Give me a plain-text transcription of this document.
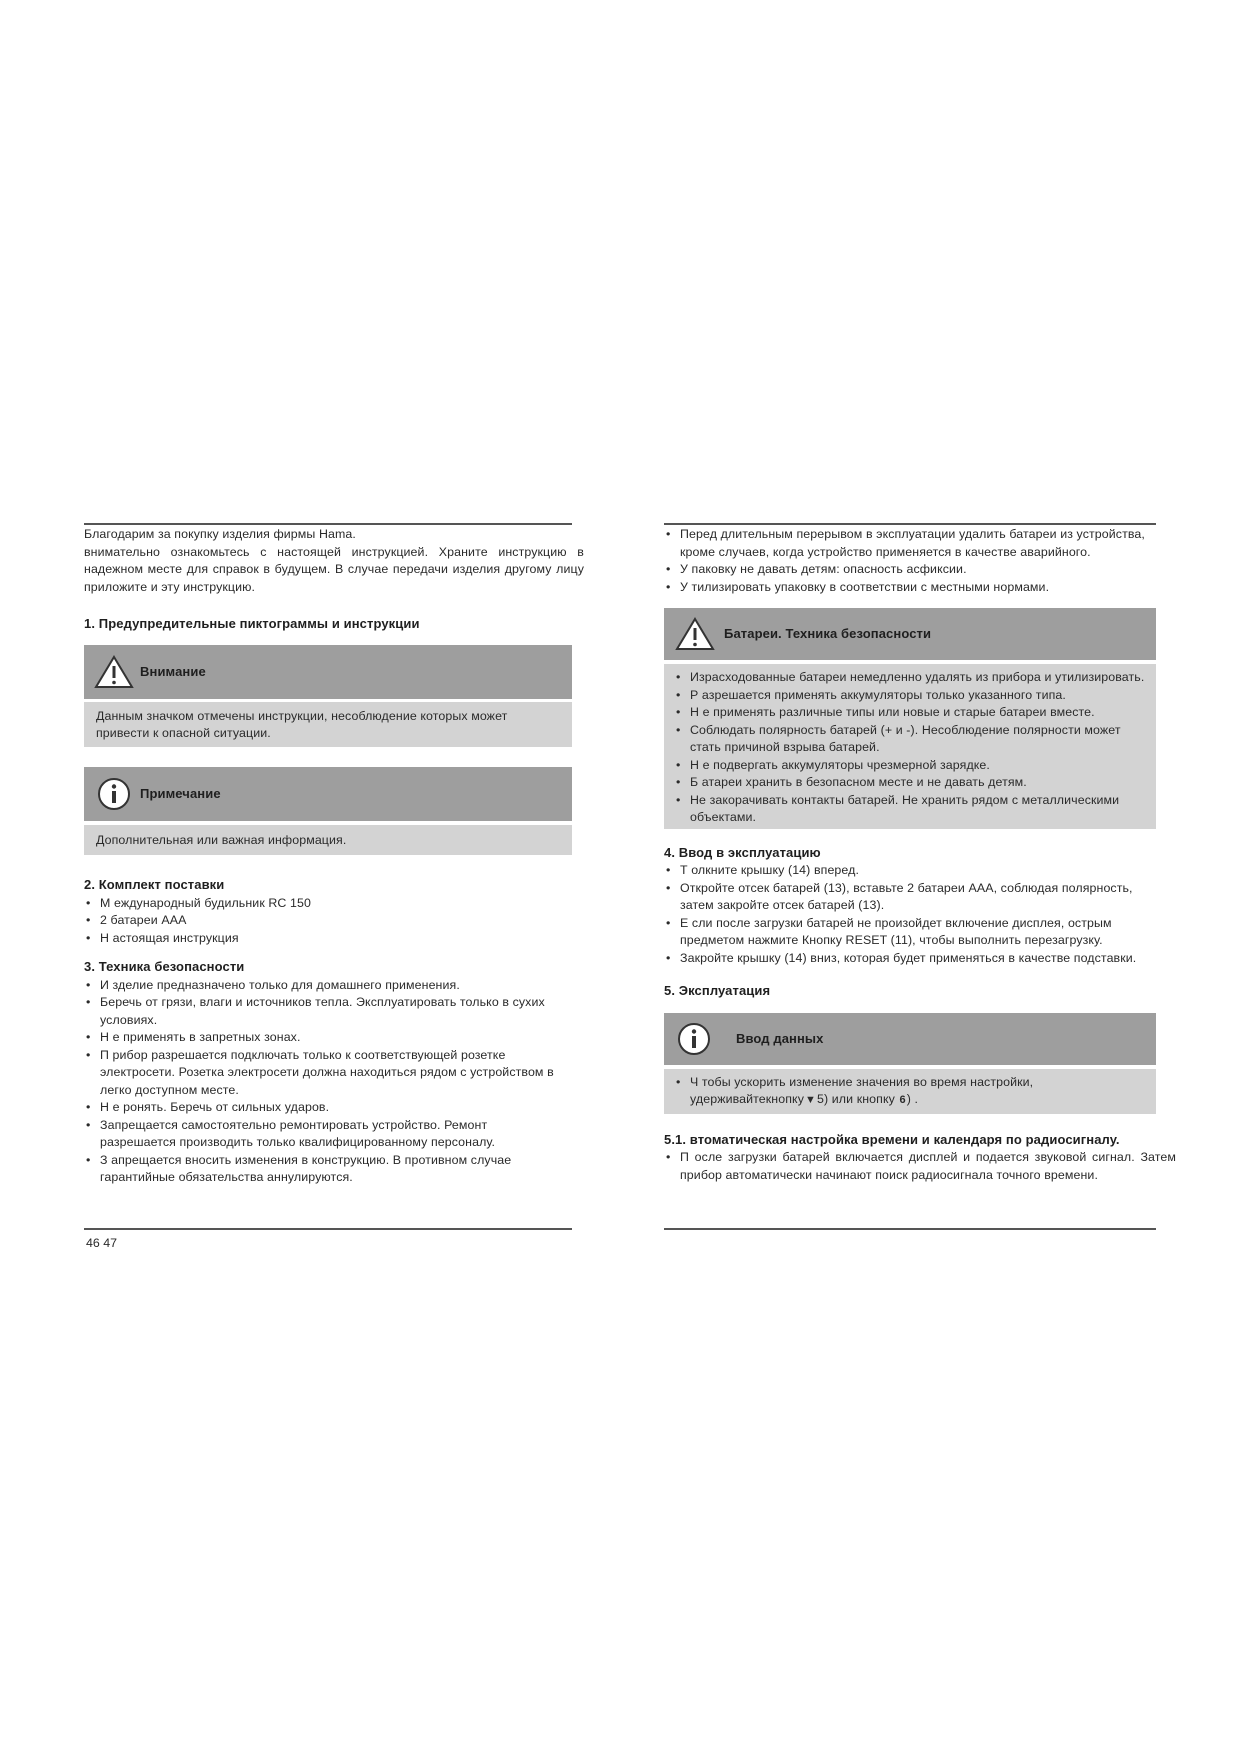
Благодарим за покупку изделия фирмы Hama.

внимательно ознакомьтесь с настоящей инструкцией. Храните инструкцию в надежном месте для справок в будущем. В случае передачи изделия другому лицу приложите и эту инструкцию.

1. Предупредительные пиктограммы и инструкции
Внимание

Данным значком отмечены инструкции, несоблюдение которых может привести к опасной ситуации.

Примечание

Дополнительная или важная информация.

2. Комплект поставки
• М еждународный будильник RC 150
• 2 батареи AAA
• Н астоящая инструкция
3. Техника безопасности
• И зделие предназначено только для домашнего применения.
• Беречь от грязи, влаги и источников тепла. Эксплуатировать только в сухих условиях.
• Н е применять в запретных зонах.
• П рибор разрешается подключать только к соответствующей розетке электросети. Розетка электросети должна находиться рядом с устройством в легко доступном месте.
• Н е ронять. Беречь от сильных ударов.
• Запрещается самостоятельно ремонтировать устройство. Ремонт разрешается производить только квалифицированному персоналу.
• З апрещается вносить изменения в конструкцию. В противном случае гарантийные обязательства аннулируются.
46 47
• Перед длительным перерывом в эксплуатации удалить батареи из устройства, кроме случаев, когда устройство применяется в качестве аварийного.
• У паковку не давать детям: опасность асфиксии.
• У тилизировать упаковку в соответствии с местными нормами.
Батареи. Техника безопасности
• Израсходованные батареи немедленно удалять из прибора и утилизировать.
• Р азрешается применять аккумуляторы только указанного типа.
• Н е применять различные типы или новые и старые батареи вместе.
• Соблюдать полярность батарей (+ и -). Несоблюдение полярности может стать причиной взрыва батарей.
• Н е подвергать аккумуляторы чрезмерной зарядке.
• Б атареи хранить в безопасном месте и не давать детям.
• Не закорачивать контакты батарей. Не хранить рядом с металлическими объектами.
4. Ввод в эксплуатацию
• Т олкните крышку (14) вперед.
• Откройте отсек батарей (13), вставьте 2 батареи AAA, соблюдая полярность, затем закройте отсек батарей (13).
• Е сли после загрузки батарей не произойдет включение дисплея, острым предметом нажмите Кнопку RESET (11), чтобы выполнить перезагрузку.
• Закройте крышку (14) вниз, которая будет применяться в качестве подставки.
5. Эксплуатация
Ввод данных
• Ч тобы ускорить изменение значения во время настройки, удерживайтекнопку▼5) или кнопку 6) .
5.1. втоматическая настройка времени и календаря по радиосигналу.
• П осле загрузки батарей включается дисплей и подается звуковой сигнал. Затем прибор автоматически начинают поиск радиосигнала точного времени.
